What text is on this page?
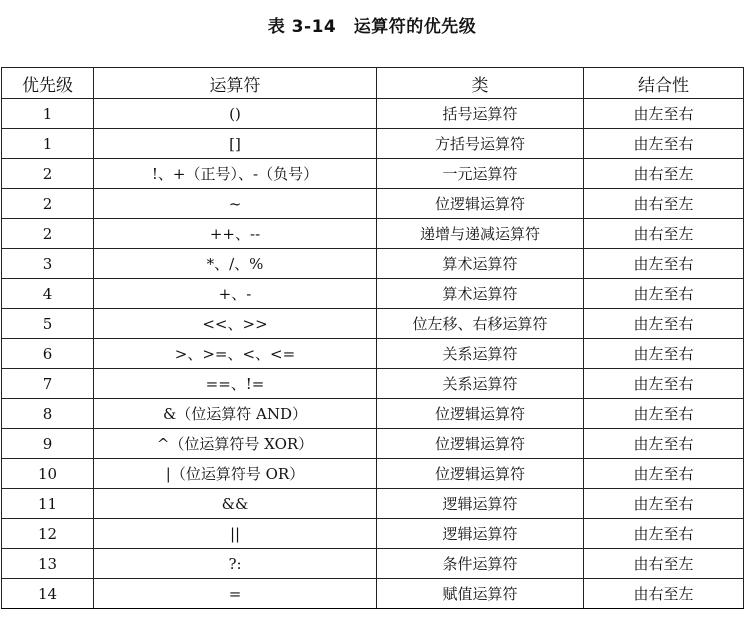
表 3-14　运算符的优先级
优先级	运算符	类	结合性
1	()	括号运算符	由左至右
1	[]	方括号运算符	由左至右
2	!、+（正号）、-（负号）	一元运算符	由右至左
2	~	位逻辑运算符	由右至左
2	++、--	递增与递减运算符	由右至左
3	*、/、%	算术运算符	由左至右
4	+、-	算术运算符	由左至右
5	<<、>>	位左移、右移运算符	由左至右
6	>、>=、<、<=	关系运算符	由左至右
7	==、!=	关系运算符	由左至右
8	&（位运算符 AND）	位逻辑运算符	由左至右
9	^（位运算符号 XOR）	位逻辑运算符	由左至右
10	|（位运算符号 OR）	位逻辑运算符	由左至右
11	&&	逻辑运算符	由左至右
12	||	逻辑运算符	由左至右
13	?:	条件运算符	由右至左
14	=	赋值运算符	由右至左
